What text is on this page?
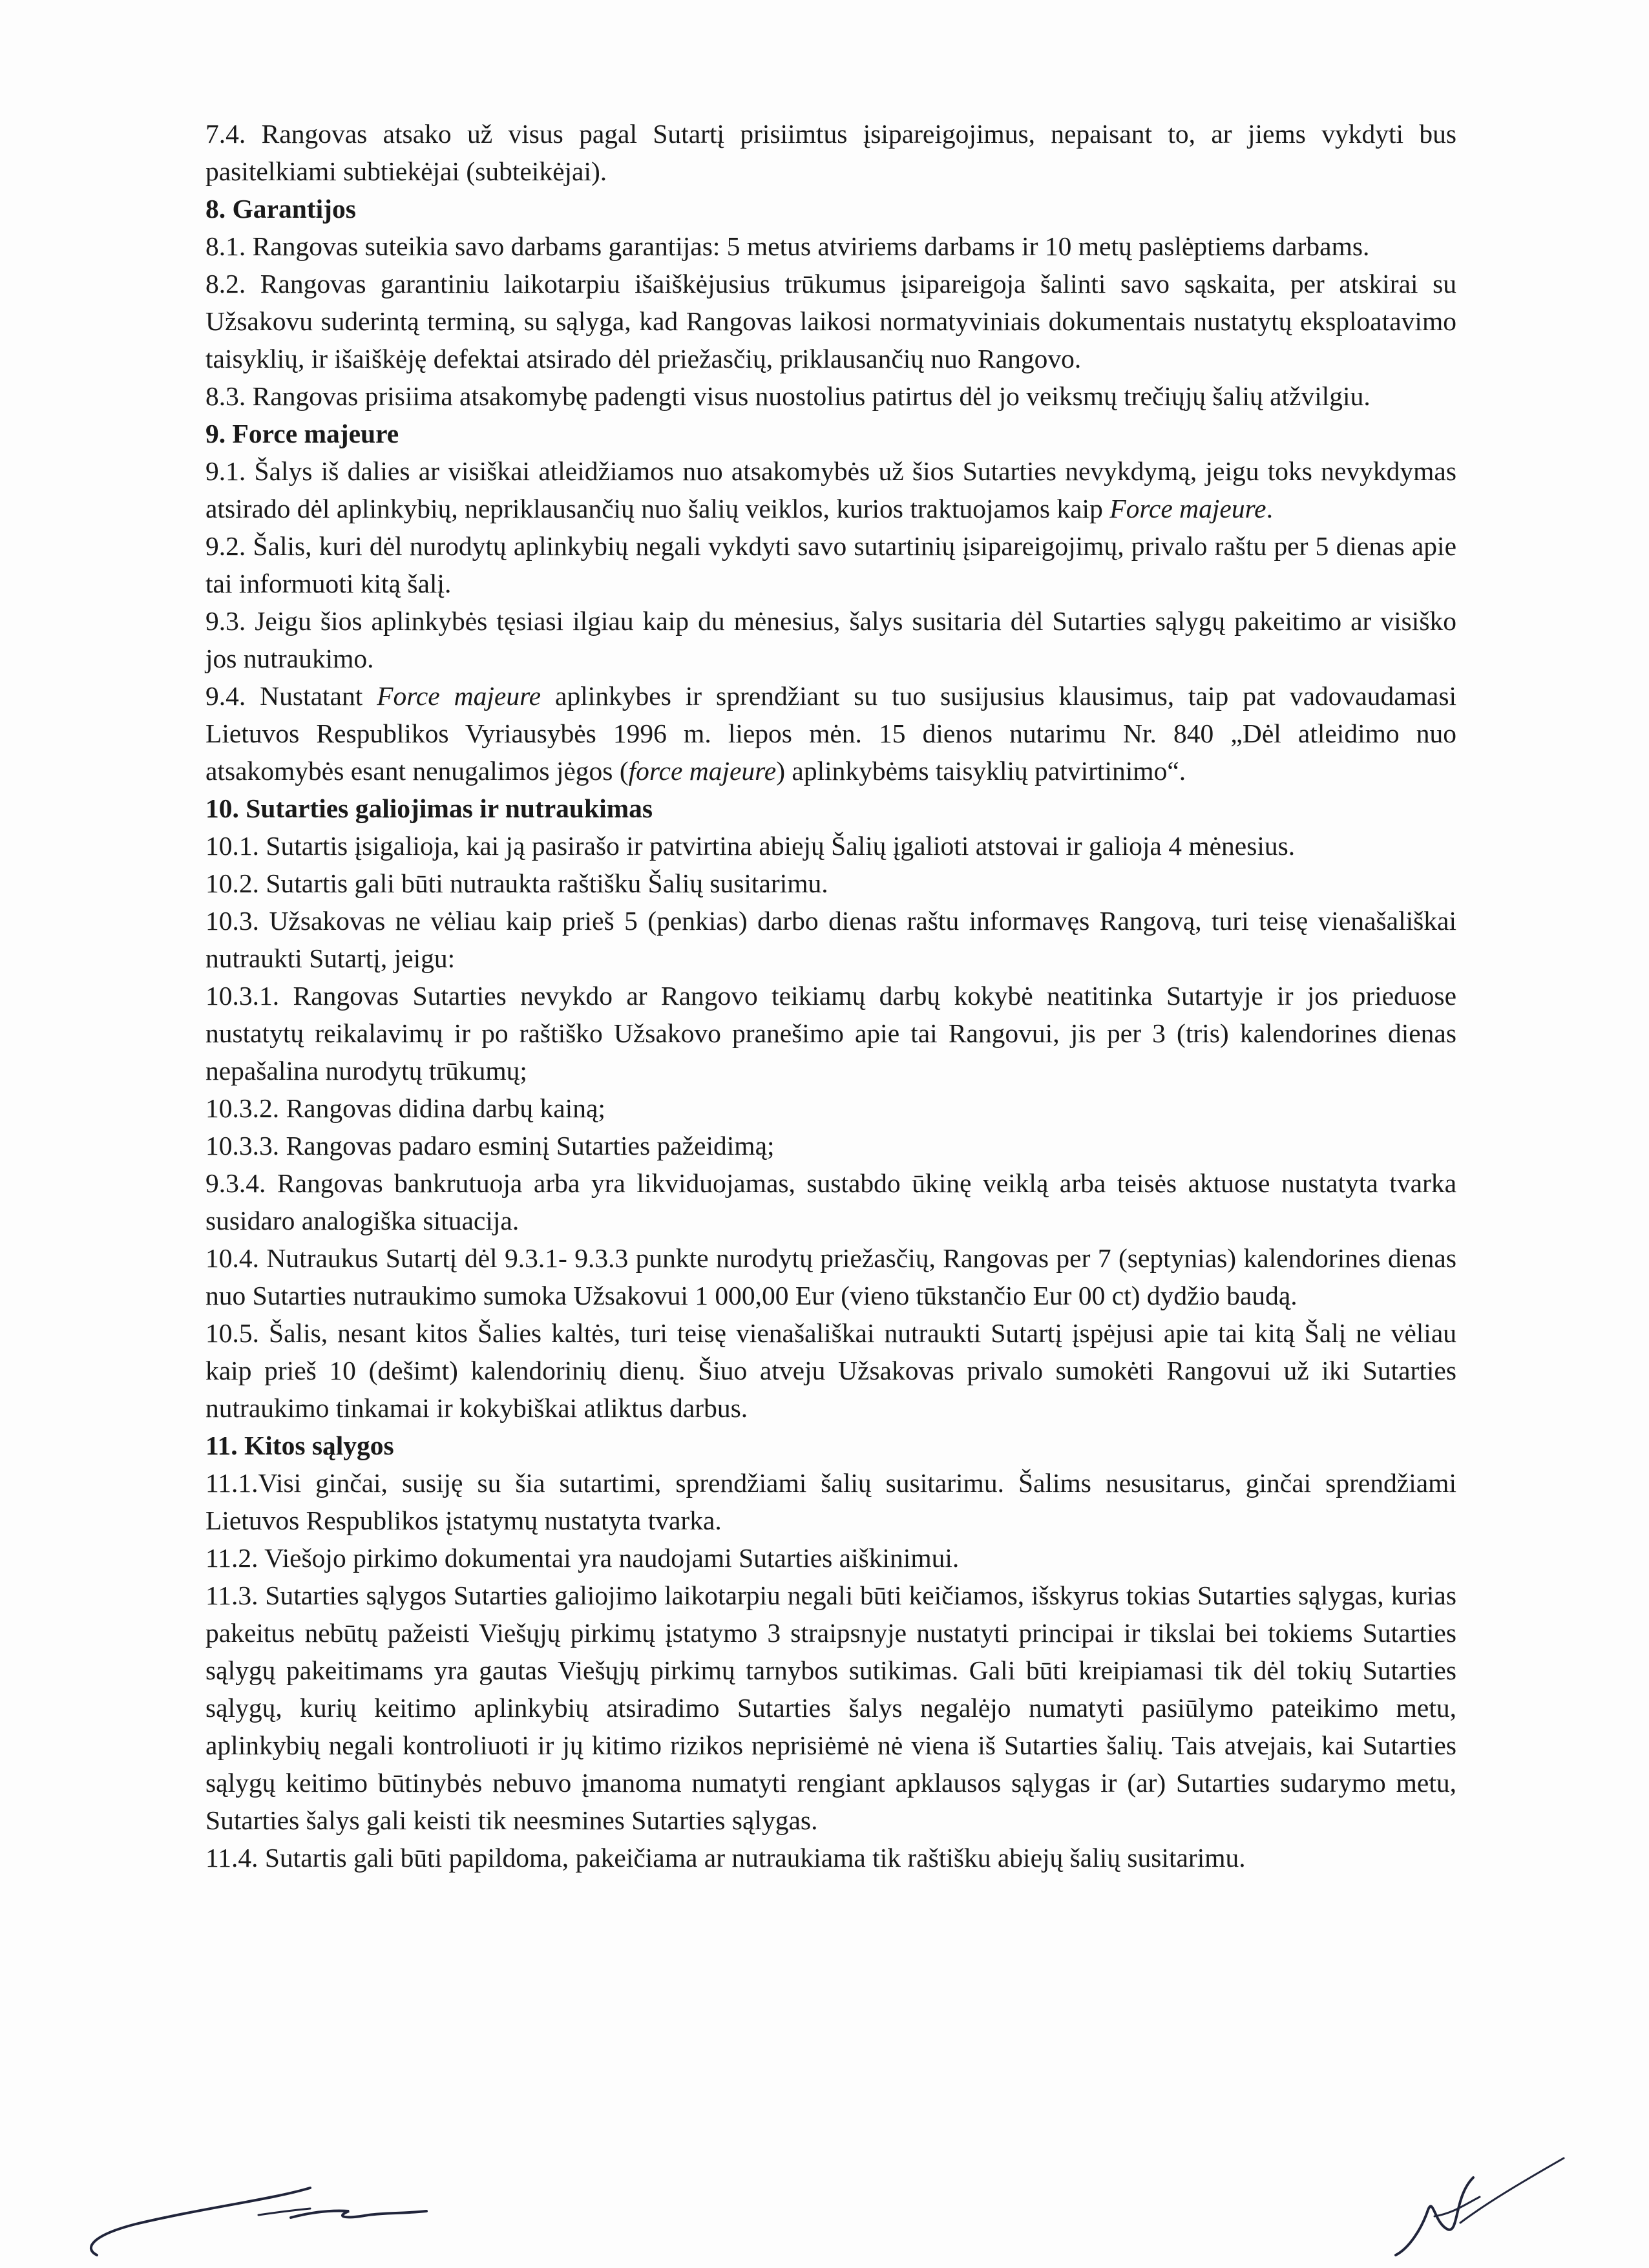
7.4. Rangovas atsako už visus pagal Sutartį prisiimtus įsipareigojimus, nepaisant to, ar jiems vykdyti bus pasitelkiami subtiekėjai (subteikėjai).

8. Garantijos

8.1. Rangovas suteikia savo darbams garantijas: 5 metus atviriems darbams ir 10 metų paslėptiems darbams.

8.2. Rangovas garantiniu laikotarpiu išaiškėjusius trūkumus įsipareigoja šalinti savo sąskaita, per atskirai su Užsakovu suderintą terminą, su sąlyga, kad Rangovas laikosi normatyviniais dokumentais nustatytų eksploatavimo taisyklių, ir išaiškėję defektai atsirado dėl priežasčių, priklausančių nuo Rangovo.

8.3. Rangovas prisiima atsakomybę padengti visus nuostolius patirtus dėl jo veiksmų trečiųjų šalių atžvilgiu.

9. Force majeure

9.1. Šalys iš dalies ar visiškai atleidžiamos nuo atsakomybės už šios Sutarties nevykdymą, jeigu toks nevykdymas atsirado dėl aplinkybių, nepriklausančių nuo šalių veiklos, kurios traktuojamos kaip Force majeure.

9.2. Šalis, kuri dėl nurodytų aplinkybių negali vykdyti savo sutartinių įsipareigojimų, privalo raštu per 5 dienas apie tai informuoti kitą šalį.

9.3. Jeigu šios aplinkybės tęsiasi ilgiau kaip du mėnesius, šalys susitaria dėl Sutarties sąlygų pakeitimo ar visiško jos nutraukimo.

9.4. Nustatant Force majeure aplinkybes ir sprendžiant su tuo susijusius klausimus, taip pat vadovaudamasi Lietuvos Respublikos Vyriausybės 1996 m. liepos mėn. 15 dienos nutarimu Nr. 840 „Dėl atleidimo nuo atsakomybės esant nenugalimos jėgos (force majeure) aplinkybėms taisyklių patvirtinimo“.

10. Sutarties galiojimas ir nutraukimas

10.1. Sutartis įsigalioja, kai ją pasirašo ir patvirtina abiejų Šalių įgalioti atstovai ir galioja 4 mėnesius.

10.2. Sutartis gali būti nutraukta raštišku Šalių susitarimu.

10.3. Užsakovas ne vėliau kaip prieš 5 (penkias) darbo dienas raštu informavęs Rangovą, turi teisę vienašališkai nutraukti Sutartį, jeigu:

10.3.1. Rangovas Sutarties nevykdo ar Rangovo teikiamų darbų kokybė neatitinka Sutartyje ir jos prieduose nustatytų reikalavimų ir po raštiško Užsakovo pranešimo apie tai Rangovui, jis per 3 (tris) kalendorines dienas nepašalina nurodytų trūkumų;

10.3.2. Rangovas didina darbų kainą;

10.3.3. Rangovas padaro esminį Sutarties pažeidimą;

9.3.4. Rangovas bankrutuoja arba yra likviduojamas, sustabdo ūkinę veiklą arba teisės aktuose nustatyta tvarka susidaro analogiška situacija.

10.4. Nutraukus Sutartį dėl 9.3.1- 9.3.3 punkte nurodytų priežasčių, Rangovas per 7 (septynias) kalendorines dienas nuo Sutarties nutraukimo sumoka Užsakovui 1 000,00 Eur (vieno tūkstančio Eur 00 ct) dydžio baudą.

10.5. Šalis, nesant kitos Šalies kaltės, turi teisę vienašališkai nutraukti Sutartį įspėjusi apie tai kitą Šalį ne vėliau kaip prieš 10 (dešimt) kalendorinių dienų. Šiuo atveju Užsakovas privalo sumokėti Rangovui už iki Sutarties nutraukimo tinkamai ir kokybiškai atliktus darbus.

11. Kitos sąlygos

11.1.Visi ginčai, susiję su šia sutartimi, sprendžiami šalių susitarimu. Šalims nesusitarus, ginčai sprendžiami Lietuvos Respublikos įstatymų nustatyta tvarka.

11.2. Viešojo pirkimo dokumentai yra naudojami Sutarties aiškinimui.

11.3. Sutarties sąlygos Sutarties galiojimo laikotarpiu negali būti keičiamos, išskyrus tokias Sutarties sąlygas, kurias pakeitus nebūtų pažeisti Viešųjų pirkimų įstatymo 3 straipsnyje nustatyti principai ir tikslai bei tokiems Sutarties sąlygų pakeitimams yra gautas Viešųjų pirkimų tarnybos sutikimas. Gali būti kreipiamasi tik dėl tokių Sutarties sąlygų, kurių keitimo aplinkybių atsiradimo Sutarties šalys negalėjo numatyti pasiūlymo pateikimo metu, aplinkybių negali kontroliuoti ir jų kitimo rizikos neprisiėmė nė viena iš Sutarties šalių. Tais atvejais, kai Sutarties sąlygų keitimo būtinybės nebuvo įmanoma numatyti rengiant apklausos sąlygas ir (ar) Sutarties sudarymo metu, Sutarties šalys gali keisti tik neesmines Sutarties sąlygas.

11.4. Sutartis gali būti papildoma, pakeičiama ar nutraukiama tik raštišku abiejų šalių susitarimu.
